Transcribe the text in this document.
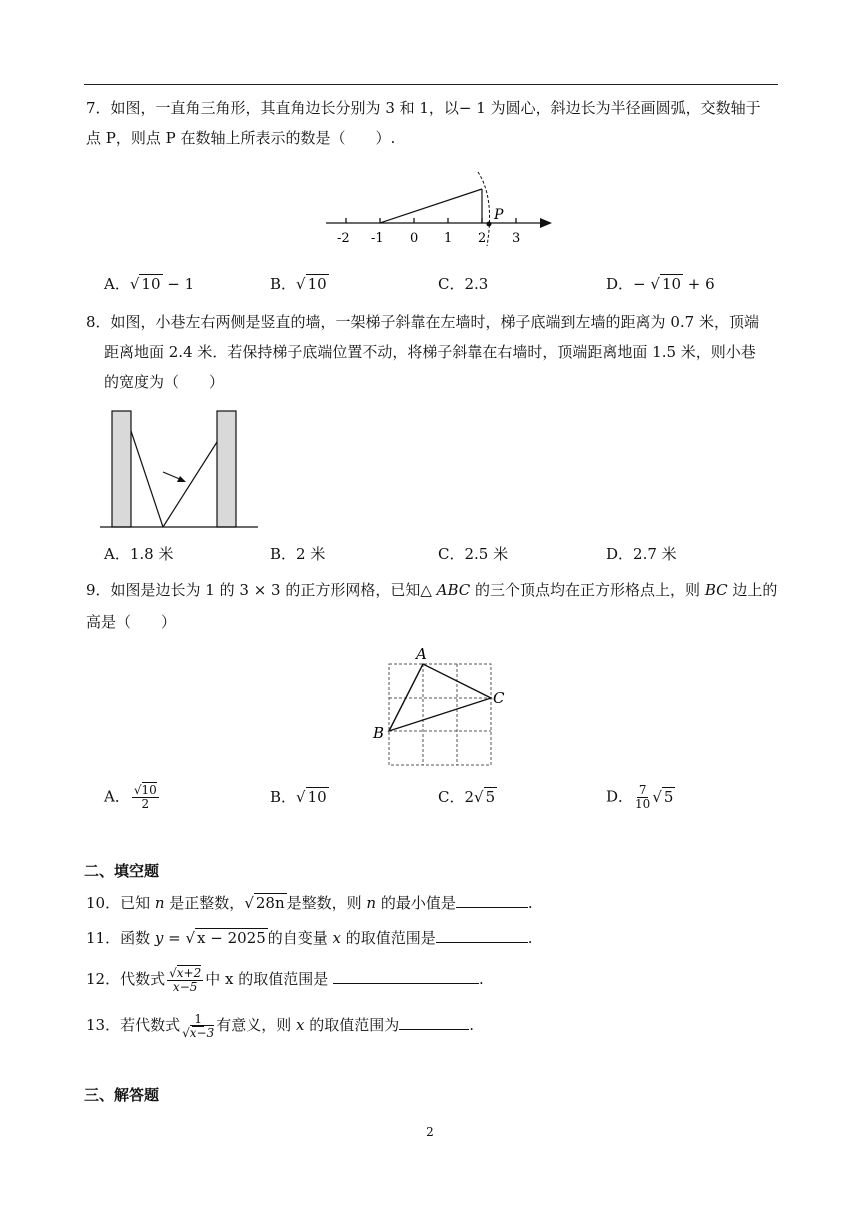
7．如图，一直角三角形，其直角边长分别为 3 和 1，以− 1 为圆心，斜边长为半径画圆弧，交数轴于
点 P，则点 P 在数轴上所表示的数是（　　）.
P
-2 -1 0 1 2 3
A．√ 10 − 1	B．√ 10	C．2.3	D．− √ 10 + 6
8．如图，小巷左右两侧是竖直的墙，一架梯子斜靠在左墙时，梯子底端到左墙的距离为 0.7 米，顶端
距离地面 2.4 米．若保持梯子底端位置不动，将梯子斜靠在右墙时，顶端距离地面 1.5 米，则小巷
的宽度为（　　）
A．1.8 米	B．2 米	C．2.5 米	D．2.7 米
9．如图是边长为 1 的 3 × 3 的正方形网格，已知△ ABC 的三个顶点均在正方形格点上，则 BC 边上的
高是（　　）
A
B
C
A． $\frac{√10}{2}$	B．√ 10	C．2√ 5	D． $\frac{7}{10}$ √ 5
二、填空题
10．已知 n 是正整数，√ 28n 是整数，则 n 的最小值是	.
11．函数 y = √ x − 2025 的自变量 x 的取值范围是	.
12．代数式 $\frac{√x+2}{x-5}$ 中 x 的取值范围是	.
13．若代数式 $\frac{1}{√x-3}$ 有意义，则 x 的取值范围为	.
三、解答题
2
